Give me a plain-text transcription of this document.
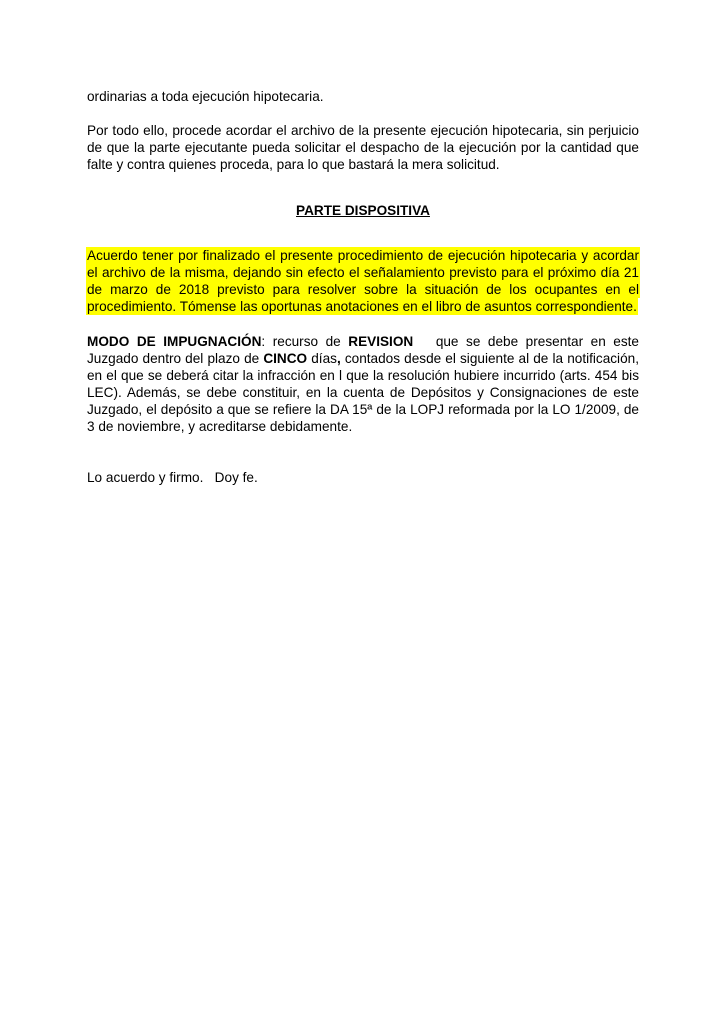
ordinarias a toda ejecución hipotecaria.

Por todo ello, procede acordar el archivo de la presente ejecución hipotecaria, sin perjuicio de que la parte ejecutante pueda solicitar el despacho de la ejecución por la cantidad que falte y contra quienes proceda, para lo que bastará la mera solicitud.

PARTE DISPOSITIVA

Acuerdo tener por finalizado el presente procedimiento de ejecución hipotecaria y acordar el archivo de la misma, dejando sin efecto el señalamiento previsto para el próximo día 21 de marzo de 2018 previsto para resolver sobre la situación de los ocupantes en el procedimiento. Tómense las oportunas anotaciones en el libro de asuntos correspondiente.

MODO DE IMPUGNACIÓN: recurso de REVISION   que se debe presentar en este Juzgado dentro del plazo de CINCO días, contados desde el siguiente al de la notificación, en el que se deberá citar la infracción en l que la resolución hubiere incurrido (arts. 454 bis LEC). Además, se debe constituir, en la cuenta de Depósitos y Consignaciones de este Juzgado, el depósito a que se refiere la DA 15ª de la LOPJ reformada por la LO 1/2009, de 3 de noviembre, y acreditarse debidamente.

Lo acuerdo y firmo.   Doy fe.
